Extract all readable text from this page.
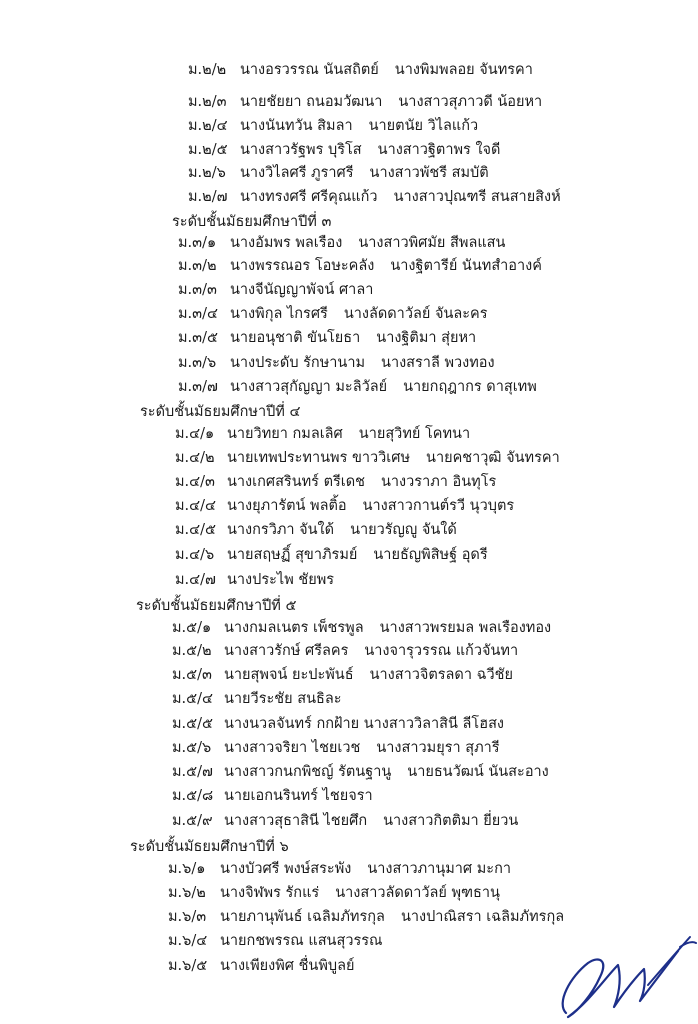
ม.๒/๒ นางอรวรรณ นันสถิตย์ นางพิมพลอย จันทรคา
ม.๒/๓ นายชัยยา ถนอมวัฒนา นางสาวสุภาวดี น้อยหา
ม.๒/๔ นางนันทวัน สิมลา นายตนัย วิไลแก้ว
ม.๒/๕ นางสาวรัฐพร บุริโส นางสาวฐิตาพร ใจดี
ม.๒/๖ นางวิไลศรี ภูราศรี นางสาวพัชรี สมบัติ
ม.๒/๗ นางทรงศรี ศรีคุณแก้ว นางสาวปุณฑรี สนสายสิงห์
ระดับชั้นมัธยมศึกษาปีที่ ๓
ม.๓/๑ นางอัมพร พลเรือง นางสาวพิศมัย สีพลแสน
ม.๓/๒ นางพรรณอร โอษะคลัง นางฐิตารีย์ นันทสำอางค์
ม.๓/๓ นางจีนัญญาพัจน์ ศาลา
ม.๓/๔ นางพิกุล ไกรศรี นางลัดดาวัลย์ จันละคร
ม.๓/๕ นายอนุชาติ ขันโยธา นางฐิติมา สุ่ยหา
ม.๓/๖ นางประดับ รักษานาม นางสราลี พวงทอง
ม.๓/๗ นางสาวสุกัญญา มะลิวัลย์ นายกฤฎากร ดาสุเทพ
ระดับชั้นมัธยมศึกษาปีที่ ๔
ม.๔/๑ นายวิทยา กมลเลิศ นายสุวิทย์ โคทนา
ม.๔/๒ นายเทพประทานพร ขาววิเศษ นายคชาวุฒิ จันทรคา
ม.๔/๓ นางเกศสรินทร์ ตรีเดช นางวราภา อินทุโร
ม.๔/๔ นางยุภารัตน์ พลติ้อ นางสาวกานต์รวี นุวบุตร
ม.๔/๕ นางกรวิภา จันใด้ นายวรัญญู จันใด้
ม.๔/๖ นายสฤษฏิ์ สุขาภิรมย์ นายธัญพิสิษฐ์ อุดรี
ม.๔/๗ นางประไพ ชัยพร
ระดับชั้นมัธยมศึกษาปีที่ ๕
ม.๕/๑ นางกมลเนตร เพ็ชรพูล นางสาวพรยมล พลเรืองทอง
ม.๕/๒ นางสาวรักษ์ ศรีลคร นางจารุวรรณ แก้วจันทา
ม.๕/๓ นายสุพจน์ ยะปะพันธ์ นางสาวจิตรลดา ฉวีชัย
ม.๕/๔ นายวีระชัย สนธิละ
ม.๕/๕ นางนวลจันทร์ กกฝ้าย นางสาววิลาสินี ลีโฮสง
ม.๕/๖ นางสาวจริยา ไชยเวช นางสาวมยุรา สุภารี
ม.๕/๗ นางสาวกนกพิชญ์ รัตนฐานู นายธนวัฒน์ นันสะอาง
ม.๕/๘ นายเอกนรินทร์ ไชยจรา
ม.๕/๙ นางสาวสุธาสินี ไชยศึก นางสาวกิตติมา ยี่ยวน
ระดับชั้นมัธยมศึกษาปีที่ ๖
ม.๖/๑ นางบัวศรี พงษ์สระพัง นางสาวภานุมาศ มะกา
ม.๖/๒ นางจิฬพร รักแร่ นางสาวลัดดาวัลย์ พุฑธานุ
ม.๖/๓ นายภานุพันธ์ เฉลิมภัทรกุล นางปาณิสรา เฉลิมภัทรกุล
ม.๖/๔ นายกชพรรณ แสนสุวรรณ
ม.๖/๕ นางเพียงพิศ ชื่นพิบูลย์
